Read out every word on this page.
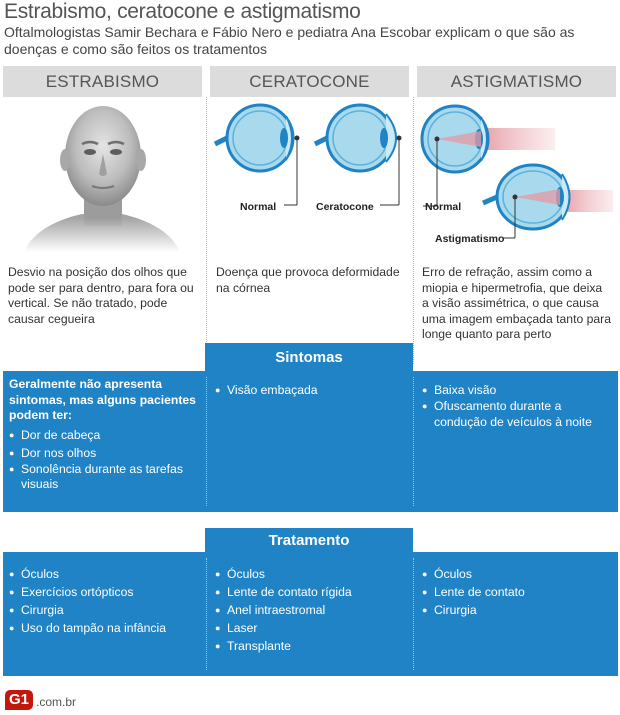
Estrabismo, ceratocone e astigmatismo
Oftalmologistas Samir Bechara e Fábio Nero e pediatra Ana Escobar explicam o que são as doenças e como são feitos os tratamentos
ESTRABISMO	CERATOCONE	ASTIGMATISMO
Normal	Ceratocone	Normal
Astigmatismo
Desvio na posição dos olhos que pode ser para dentro, para fora ou vertical. Se não tratado, pode causar cegueira
Doença que provoca deformidade na córnea
Erro de refração, assim como a miopia e hipermetrofia, que deixa a visão assimétrica, o que causa uma imagem embaçada tanto para longe quanto para perto
Sintomas
Geralmente não apresenta sintomas, mas alguns pacientes podem ter:
● Dor de cabeça
● Dor nos olhos
● Sonolência durante as tarefas visuais
● Visão embaçada
●	Baixa visão
● Ofuscamento durante a condução de veículos à noite
Tratamento
● Óculos
● Exercícios ortópticos
● Cirurgia
● Uso do tampão na infância
● Óculos
● Lente de contato rígida
● Anel intraestromal
● Laser
● Transplante
● Óculos
● Lente de contato
● Cirurgia
G1 .com.br
